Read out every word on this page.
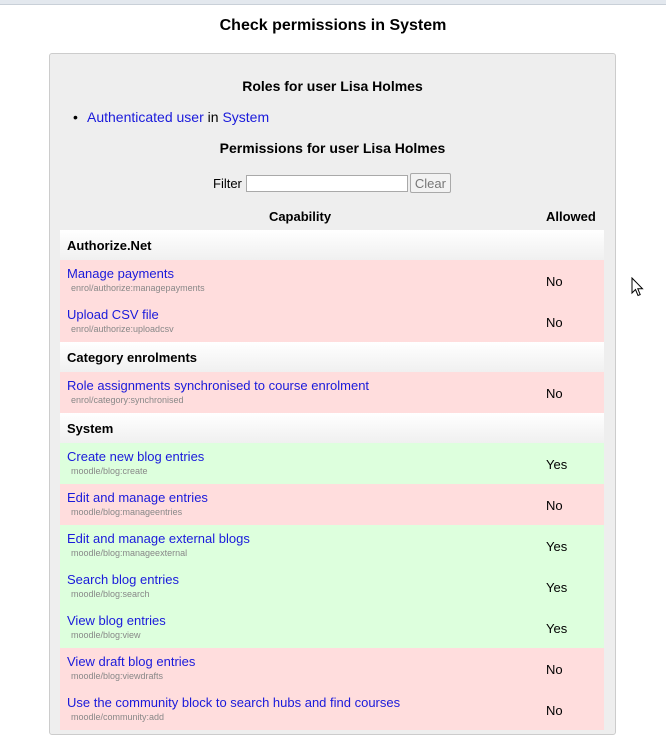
Check permissions in System
Roles for user Lisa Holmes
• Authenticated user in System
Permissions for user Lisa Holmes
Filter	Clear
Capability	Allowed
Authorize.Net
Manage payments
enrol/authorize:managepayments	No
Upload CSV file
enrol/authorize:uploadcsv	No
Category enrolments
Role assignments synchronised to course enrolment
enrol/category:synchronised	No
System
Create new blog entries
moodle/blog:create	Yes
Edit and manage entries
moodle/blog:manageentries	No
Edit and manage external blogs
moodle/blog:manageexternal	Yes
Search blog entries
moodle/blog:search	Yes
View blog entries
moodle/blog:view	Yes
View draft blog entries
moodle/blog:viewdrafts	No
Use the community block to search hubs and find courses
moodle/community:add	No
